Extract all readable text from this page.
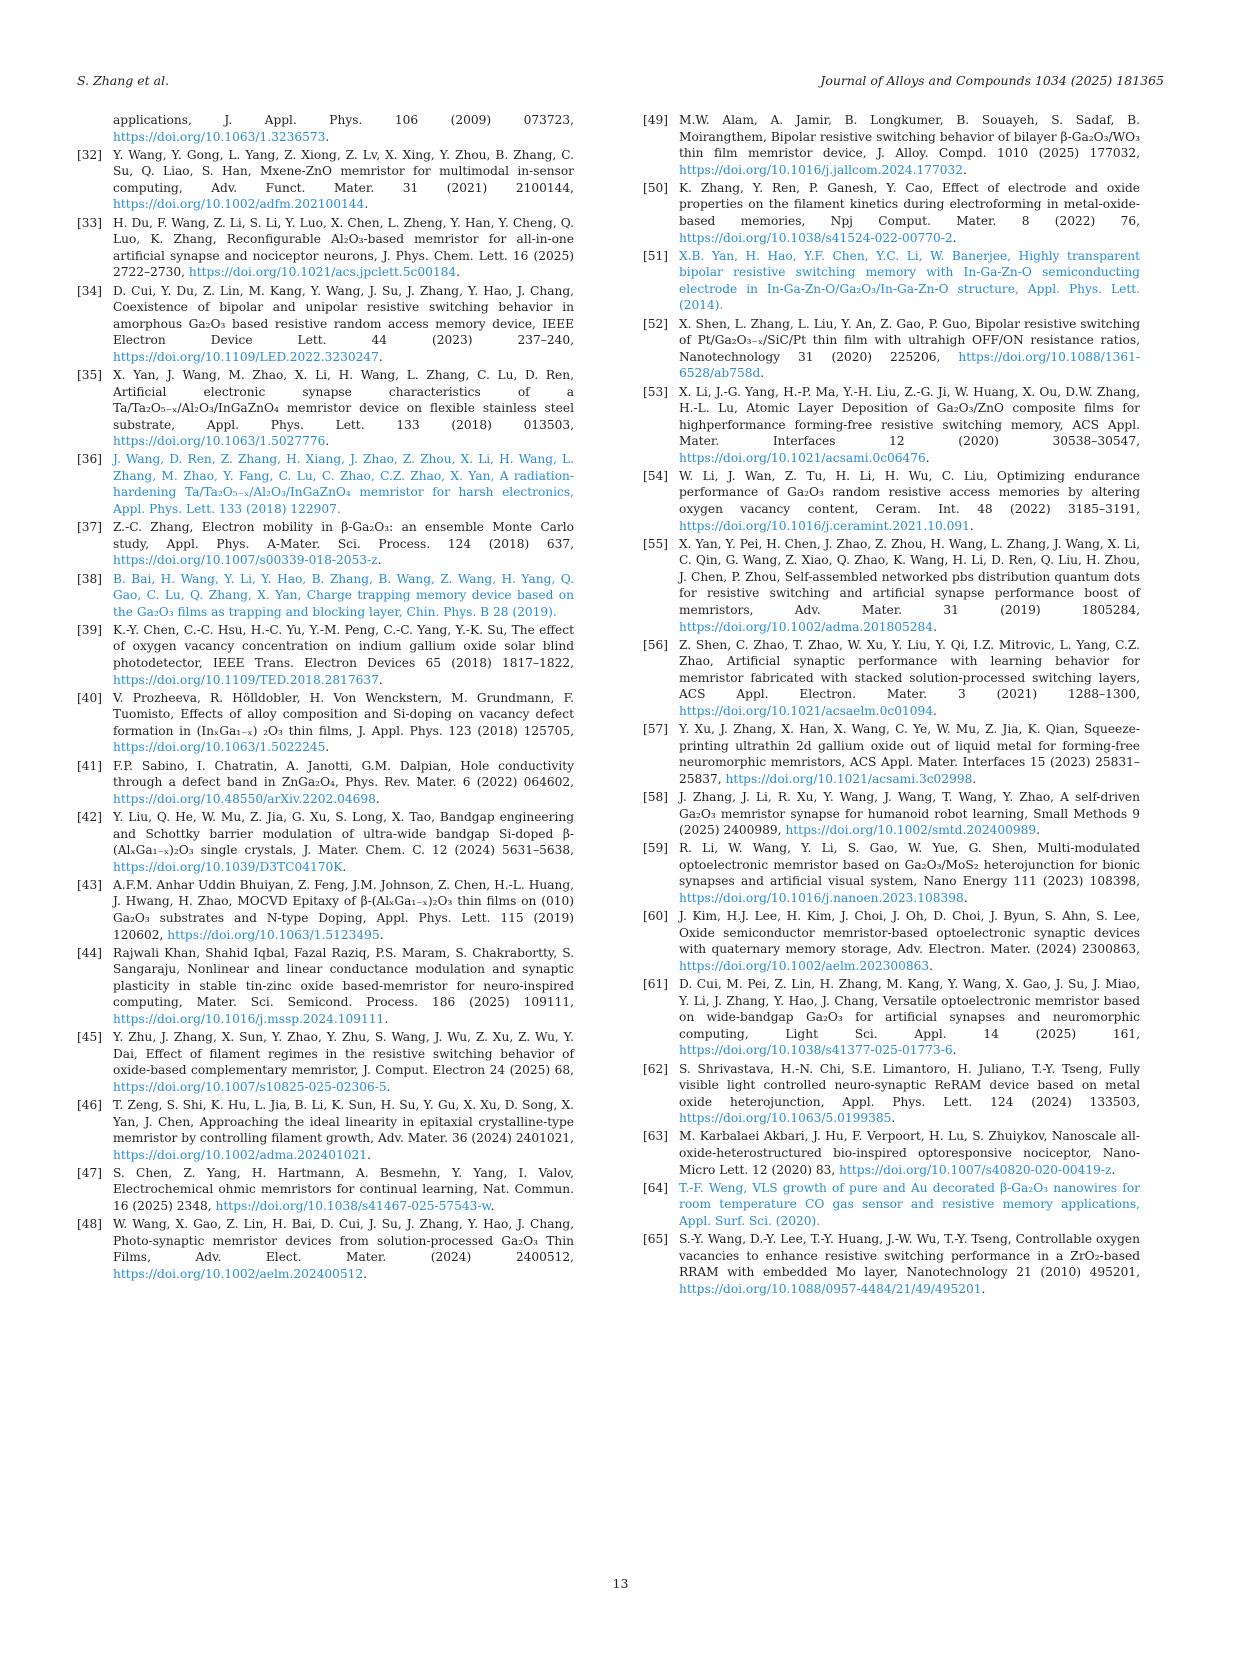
S. Zhang et al.	Journal of Alloys and Compounds 1034 (2025) 181365
applications, J. Appl. Phys. 106 (2009) 073723, https://doi.org/10.1063/1.3236573.
[32] Y. Wang, Y. Gong, L. Yang, Z. Xiong, Z. Lv, X. Xing, Y. Zhou, B. Zhang, C. Su, Q. Liao, S. Han, Mxene-ZnO memristor for multimodal in-sensor computing, Adv. Funct. Mater. 31 (2021) 2100144, https://doi.org/10.1002/adfm.202100144.
[33] H. Du, F. Wang, Z. Li, S. Li, Y. Luo, X. Chen, L. Zheng, Y. Han, Y. Cheng, Q. Luo, K. Zhang, Reconfigurable Al₂O₃-based memristor for all-in-one artificial synapse and nociceptor neurons, J. Phys. Chem. Lett. 16 (2025) 2722–2730, https://doi.org/10.1021/acs.jpclett.5c00184.
[34] D. Cui, Y. Du, Z. Lin, M. Kang, Y. Wang, J. Su, J. Zhang, Y. Hao, J. Chang, Coexistence of bipolar and unipolar resistive switching behavior in amorphous Ga₂O₃ based resistive random access memory device, IEEE Electron Device Lett. 44 (2023) 237–240, https://doi.org/10.1109/LED.2022.3230247.
[35] X. Yan, J. Wang, M. Zhao, X. Li, H. Wang, L. Zhang, C. Lu, D. Ren, Artificial electronic synapse characteristics of a Ta/Ta₂O₅₋ₓ/Al₂O₃/InGaZnO₄ memristor device on flexible stainless steel substrate, Appl. Phys. Lett. 133 (2018) 013503, https://doi.org/10.1063/1.5027776.
[36] J. Wang, D. Ren, Z. Zhang, H. Xiang, J. Zhao, Z. Zhou, X. Li, H. Wang, L. Zhang, M. Zhao, Y. Fang, C. Lu, C. Zhao, C.Z. Zhao, X. Yan, A radiation-hardening Ta/Ta₂O₅₋ₓ/Al₂O₃/InGaZnO₄ memristor for harsh electronics, Appl. Phys. Lett. 133 (2018) 122907.
[37] Z.-C. Zhang, Electron mobility in β-Ga₂O₃: an ensemble Monte Carlo study, Appl. Phys. A-Mater. Sci. Process. 124 (2018) 637, https://doi.org/10.1007/s00339-018-2053-z.
[38] B. Bai, H. Wang, Y. Li, Y. Hao, B. Zhang, B. Wang, Z. Wang, H. Yang, Q. Gao, C. Lu, Q. Zhang, X. Yan, Charge trapping memory device based on the Ga₂O₃ films as trapping and blocking layer, Chin. Phys. B 28 (2019).
[39] K.-Y. Chen, C.-C. Hsu, H.-C. Yu, Y.-M. Peng, C.-C. Yang, Y.-K. Su, The effect of oxygen vacancy concentration on indium gallium oxide solar blind photodetector, IEEE Trans. Electron Devices 65 (2018) 1817–1822, https://doi.org/10.1109/TED.2018.2817637.
[40] V. Prozheeva, R. Hölldobler, H. Von Wenckstern, M. Grundmann, F. Tuomisto, Effects of alloy composition and Si-doping on vacancy defect formation in (InₓGa₁₋ₓ) ₂O₃ thin films, J. Appl. Phys. 123 (2018) 125705, https://doi.org/10.1063/1.5022245.
[41] F.P. Sabino, I. Chatratin, A. Janotti, G.M. Dalpian, Hole conductivity through a defect band in ZnGa₂O₄, Phys. Rev. Mater. 6 (2022) 064602, https://doi.org/10.48550/arXiv.2202.04698.
[42] Y. Liu, Q. He, W. Mu, Z. Jia, G. Xu, S. Long, X. Tao, Bandgap engineering and Schottky barrier modulation of ultra-wide bandgap Si-doped β-(AlₓGa₁₋ₓ)₂O₃ single crystals, J. Mater. Chem. C. 12 (2024) 5631–5638, https://doi.org/10.1039/D3TC04170K.
[43] A.F.M. Anhar Uddin Bhuiyan, Z. Feng, J.M. Johnson, Z. Chen, H.-L. Huang, J. Hwang, H. Zhao, MOCVD Epitaxy of β-(AlₓGa₁₋ₓ)₂O₃ thin films on (010) Ga₂O₃ substrates and N-type Doping, Appl. Phys. Lett. 115 (2019) 120602, https://doi.org/10.1063/1.5123495.
[44] Rajwali Khan, Shahid Iqbal, Fazal Raziq, P.S. Maram, S. Chakrabortty, S. Sangaraju, Nonlinear and linear conductance modulation and synaptic plasticity in stable tin-zinc oxide based-memristor for neuro-inspired computing, Mater. Sci. Semicond. Process. 186 (2025) 109111, https://doi.org/10.1016/j.mssp.2024.109111.
[45] Y. Zhu, J. Zhang, X. Sun, Y. Zhao, Y. Zhu, S. Wang, J. Wu, Z. Xu, Z. Wu, Y. Dai, Effect of filament regimes in the resistive switching behavior of oxide-based complementary memristor, J. Comput. Electron 24 (2025) 68, https://doi.org/10.1007/s10825-025-02306-5.
[46] T. Zeng, S. Shi, K. Hu, L. Jia, B. Li, K. Sun, H. Su, Y. Gu, X. Xu, D. Song, X. Yan, J. Chen, Approaching the ideal linearity in epitaxial crystalline-type memristor by controlling filament growth, Adv. Mater. 36 (2024) 2401021, https://doi.org/10.1002/adma.202401021.
[47] S. Chen, Z. Yang, H. Hartmann, A. Besmehn, Y. Yang, I. Valov, Electrochemical ohmic memristors for continual learning, Nat. Commun. 16 (2025) 2348, https://doi.org/10.1038/s41467-025-57543-w.
[48] W. Wang, X. Gao, Z. Lin, H. Bai, D. Cui, J. Su, J. Zhang, Y. Hao, J. Chang, Photo-synaptic memristor devices from solution-processed Ga₂O₃ Thin Films, Adv. Elect. Mater. (2024) 2400512, https://doi.org/10.1002/aelm.202400512.
[49] M.W. Alam, A. Jamir, B. Longkumer, B. Souayeh, S. Sadaf, B. Moirangthem, Bipolar resistive switching behavior of bilayer β-Ga₂O₃/WO₃ thin film memristor device, J. Alloy. Compd. 1010 (2025) 177032, https://doi.org/10.1016/j.jallcom.2024.177032.
[50] K. Zhang, Y. Ren, P. Ganesh, Y. Cao, Effect of electrode and oxide properties on the filament kinetics during electroforming in metal-oxide-based memories, Npj Comput. Mater. 8 (2022) 76, https://doi.org/10.1038/s41524-022-00770-2.
[51] X.B. Yan, H. Hao, Y.F. Chen, Y.C. Li, W. Banerjee, Highly transparent bipolar resistive switching memory with In-Ga-Zn-O semiconducting electrode in In-Ga-Zn-O/Ga₂O₃/In-Ga-Zn-O structure, Appl. Phys. Lett. (2014).
[52] X. Shen, L. Zhang, L. Liu, Y. An, Z. Gao, P. Guo, Bipolar resistive switching of Pt/Ga₂O₃₋ₓ/SiC/Pt thin film with ultrahigh OFF/ON resistance ratios, Nanotechnology 31 (2020) 225206, https://doi.org/10.1088/1361-6528/ab758d.
[53] X. Li, J.-G. Yang, H.-P. Ma, Y.-H. Liu, Z.-G. Ji, W. Huang, X. Ou, D.W. Zhang, H.-L. Lu, Atomic Layer Deposition of Ga₂O₃/ZnO composite films for highperformance forming-free resistive switching memory, ACS Appl. Mater. Interfaces 12 (2020) 30538–30547, https://doi.org/10.1021/acsami.0c06476.
[54] W. Li, J. Wan, Z. Tu, H. Li, H. Wu, C. Liu, Optimizing endurance performance of Ga₂O₃ random resistive access memories by altering oxygen vacancy content, Ceram. Int. 48 (2022) 3185–3191, https://doi.org/10.1016/j.ceramint.2021.10.091.
[55] X. Yan, Y. Pei, H. Chen, J. Zhao, Z. Zhou, H. Wang, L. Zhang, J. Wang, X. Li, C. Qin, G. Wang, Z. Xiao, Q. Zhao, K. Wang, H. Li, D. Ren, Q. Liu, H. Zhou, J. Chen, P. Zhou, Self-assembled networked pbs distribution quantum dots for resistive switching and artificial synapse performance boost of memristors, Adv. Mater. 31 (2019) 1805284, https://doi.org/10.1002/adma.201805284.
[56] Z. Shen, C. Zhao, T. Zhao, W. Xu, Y. Liu, Y. Qi, I.Z. Mitrovic, L. Yang, C.Z. Zhao, Artificial synaptic performance with learning behavior for memristor fabricated with stacked solution-processed switching layers, ACS Appl. Electron. Mater. 3 (2021) 1288–1300, https://doi.org/10.1021/acsaelm.0c01094.
[57] Y. Xu, J. Zhang, X. Han, X. Wang, C. Ye, W. Mu, Z. Jia, K. Qian, Squeeze-printing ultrathin 2d gallium oxide out of liquid metal for forming-free neuromorphic memristors, ACS Appl. Mater. Interfaces 15 (2023) 25831–25837, https://doi.org/10.1021/acsami.3c02998.
[58] J. Zhang, J. Li, R. Xu, Y. Wang, J. Wang, T. Wang, Y. Zhao, A self-driven Ga₂O₃ memristor synapse for humanoid robot learning, Small Methods 9 (2025) 2400989, https://doi.org/10.1002/smtd.202400989.
[59] R. Li, W. Wang, Y. Li, S. Gao, W. Yue, G. Shen, Multi-modulated optoelectronic memristor based on Ga₂O₃/MoS₂ heterojunction for bionic synapses and artificial visual system, Nano Energy 111 (2023) 108398, https://doi.org/10.1016/j.nanoen.2023.108398.
[60] J. Kim, H.J. Lee, H. Kim, J. Choi, J. Oh, D. Choi, J. Byun, S. Ahn, S. Lee, Oxide semiconductor memristor-based optoelectronic synaptic devices with quaternary memory storage, Adv. Electron. Mater. (2024) 2300863, https://doi.org/10.1002/aelm.202300863.
[61] D. Cui, M. Pei, Z. Lin, H. Zhang, M. Kang, Y. Wang, X. Gao, J. Su, J. Miao, Y. Li, J. Zhang, Y. Hao, J. Chang, Versatile optoelectronic memristor based on wide-bandgap Ga₂O₃ for artificial synapses and neuromorphic computing, Light Sci. Appl. 14 (2025) 161, https://doi.org/10.1038/s41377-025-01773-6.
[62] S. Shrivastava, H.-N. Chi, S.E. Limantoro, H. Juliano, T.-Y. Tseng, Fully visible light controlled neuro-synaptic ReRAM device based on metal oxide heterojunction, Appl. Phys. Lett. 124 (2024) 133503, https://doi.org/10.1063/5.0199385.
[63] M. Karbalaei Akbari, J. Hu, F. Verpoort, H. Lu, S. Zhuiykov, Nanoscale all-oxide-heterostructured bio-inspired optoresponsive nociceptor, Nano-Micro Lett. 12 (2020) 83, https://doi.org/10.1007/s40820-020-00419-z.
[64] T.-F. Weng, VLS growth of pure and Au decorated β-Ga₂O₃ nanowires for room temperature CO gas sensor and resistive memory applications, Appl. Surf. Sci. (2020).
[65] S.-Y. Wang, D.-Y. Lee, T.-Y. Huang, J.-W. Wu, T.-Y. Tseng, Controllable oxygen vacancies to enhance resistive switching performance in a ZrO₂-based RRAM with embedded Mo layer, Nanotechnology 21 (2010) 495201, https://doi.org/10.1088/0957-4484/21/49/495201.
13
